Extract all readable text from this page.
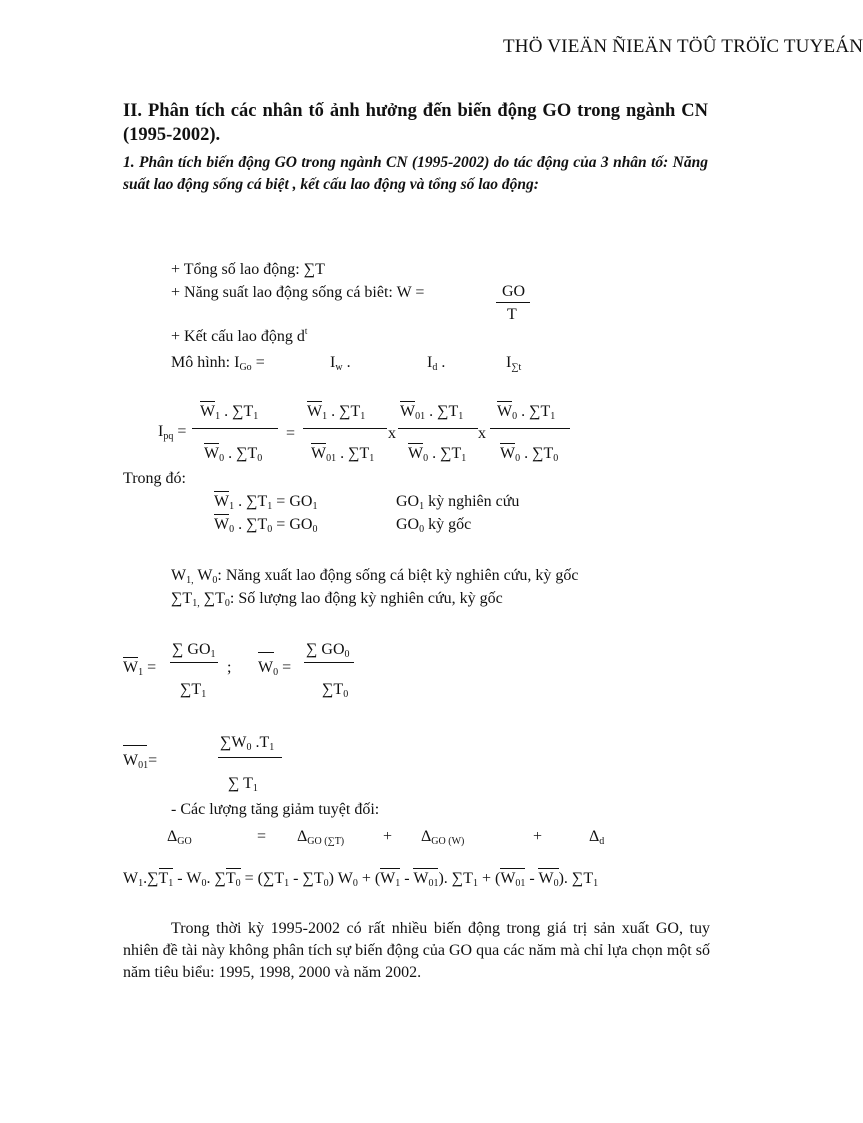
THÖ VIEÄN ÑIEÄN TÖÛ TRÖÏC TUYEÁN
II. Phân tích các nhân tố ảnh hưởng đến biến động GO trong ngành CN (1995-2002).
1. Phân tích biến động GO trong ngành CN (1995-2002) do tác động của 3 nhân tố: Năng suất lao động sống cá biệt , kết cấu lao động và tổng số lao động:
+ Tổng số lao động: ∑T
+ Năng suất lao động sống cá biêt: W =	GO
T
+ Kết cấu lao động $d^t$
Mô hình: $I_{Go}$ =	$I_w$ .	$I_d$ .	$I_{\sum t}$
$I_{pq}$ =
$W_1$ . $\sum T_1$
$W_0$ . $\sum T_0$
=
$W_1$ . $\sum T_1$
$W_{01}$ . $\sum T_1$
x
$W_{01}$ . $\sum T_1$
$W_0$ . $\sum T_1$
x
$W_0$ . $\sum T_1$
$W_0$ . $\sum T_0$
Trong đó:
$W_1$ . $\sum T_1 = GO_1$	$GO_1$ kỳ nghiên cứu
$W_0$ . $\sum T_0 = GO_0$	$GO_0$ kỳ gốc
$W_{1,}$ $W_0$: Năng xuất lao động sống cá biệt kỳ nghiên cứu, kỳ gốc
$\sum T_{1,}$ $\sum T_0$: Số lượng lao động kỳ nghiên cứu, kỳ gốc
$W_1$ =
∑ $GO_1$
$\sum T_1$
; $W_0$ =
∑ $GO_0$
$\sum T_0$
$W_{01}=$
$\sum W_0$ $.T_1$
∑ $T_1$
- Các lượng tăng giảm tuyệt đối:
$\Delta_{GO}$	= $\Delta_{GO (\sum T)} + \Delta_{GO (W)}$	+	$\Delta_d$
$W_1.\sum T_1 - W_0$. $\sum T_0 = (\sum T_1 - \sum T_0) W_0 + (W_1 - W_{01})$. $\sum T_1 + (W_{01} - W_0)$. $\sum T_1$
Trong thời kỳ 1995-2002 có rất nhiều biến động trong giá trị sản xuất GO, tuy nhiên đề tài này không phân tích sự biến động của GO qua các năm mà chỉ lựa chọn một số năm tiêu biểu: 1995, 1998, 2000 và năm 2002.
